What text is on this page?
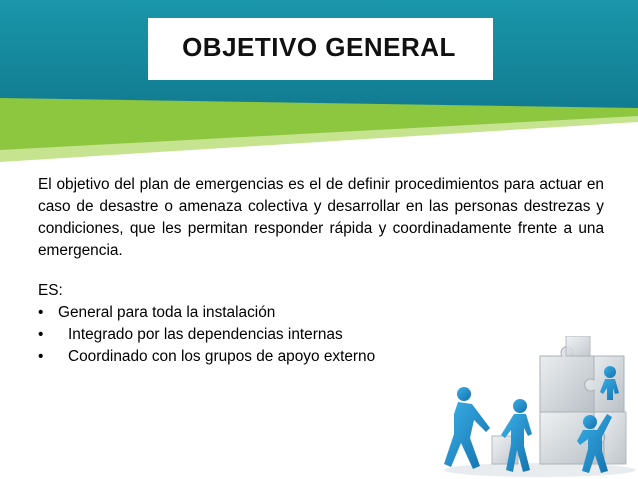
OBJETIVO GENERAL

El objetivo del plan de emergencias es el de definir procedimientos para actuar en caso de desastre o amenaza colectiva y desarrollar en las personas destrezas y condiciones, que les permitan responder rápida y coordinadamente frente a una emergencia.

ES:

• General para toda la instalación
• Integrado por las dependencias internas
• Coordinado con los grupos de apoyo externo
